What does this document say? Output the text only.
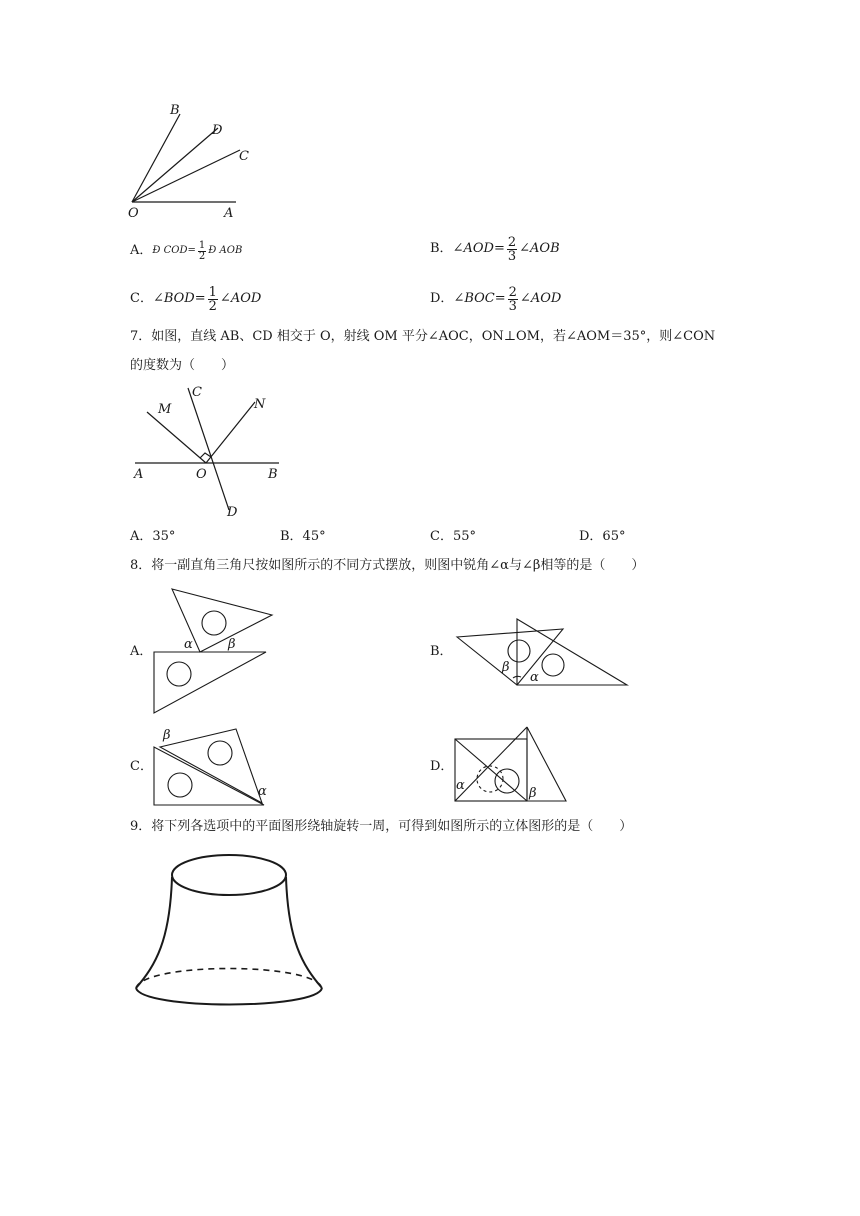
B
D
C
O	A
A． Ð COD = $\frac{1}{2}$ Ð AOB	B． ∠AOD = $\frac{2}{3}$ ∠AOB
C． ∠BOD = $\frac{1}{2}$ ∠AOD	D． ∠BOC = $\frac{2}{3}$ ∠AOD
7．如图，直线 AB、CD 相交于 O，射线 OM 平分∠AOC，ON⊥OM，若∠AOM＝35°，则∠CON
的度数为（　　）
M
C
N
A	O	B
D
A．35°	B．45°	C．55°	D．65°
8．将一副直角三角尺按如图所示的不同方式摆放，则图中锐角∠α与∠β相等的是（　　）
A． α	β	B．
β
α
C．
β
α
D．
α
β
9．将下列各选项中的平面图形绕轴旋转一周，可得到如图所示的立体图形的是（　　）
